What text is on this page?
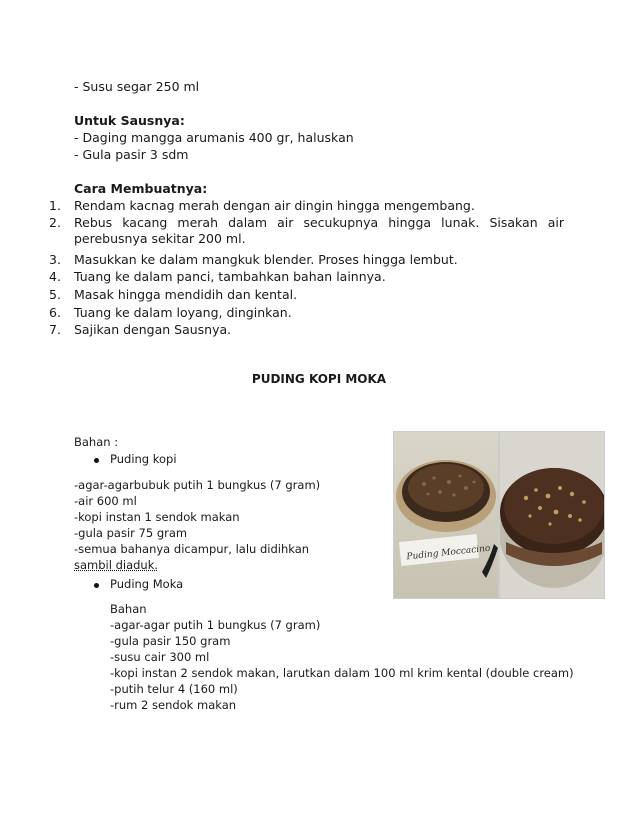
- Susu segar 250 ml
Untuk Sausnya:
- Daging mangga arumanis 400 gr, haluskan
- Gula pasir 3 sdm
Cara Membuatnya:
1.	Rendam kacnag merah dengan air dingin hingga mengembang.
2.	Rebus kacang merah dalam air secukupnya hingga lunak. Sisakan air perebusnya sekitar 200 ml.
3.	Masukkan ke dalam mangkuk blender. Proses hingga lembut.
4.	Tuang ke dalam panci, tambahkan bahan lainnya.
5.	Masak hingga mendidih dan kental.
6.	Tuang ke dalam loyang, dinginkan.
7.	Sajikan dengan Sausnya.
PUDING KOPI MOKA
Bahan :
Puding kopi
-agar-agarbubuk putih 1 bungkus (7 gram)
-air 600 ml
-kopi instan 1 sendok makan
-gula pasir 75 gram
-semua bahanya dicampur, lalu didihkan
sambil diaduk.
Puding Moka
Bahan
-agar-agar putih 1 bungkus (7 gram)
-gula pasir 150 gram
-susu cair 300 ml
-kopi instan 2 sendok makan, larutkan dalam 100 ml krim kental (double cream)
-putih telur 4 (160 ml)
-rum 2 sendok makan
Puding Moccacino
